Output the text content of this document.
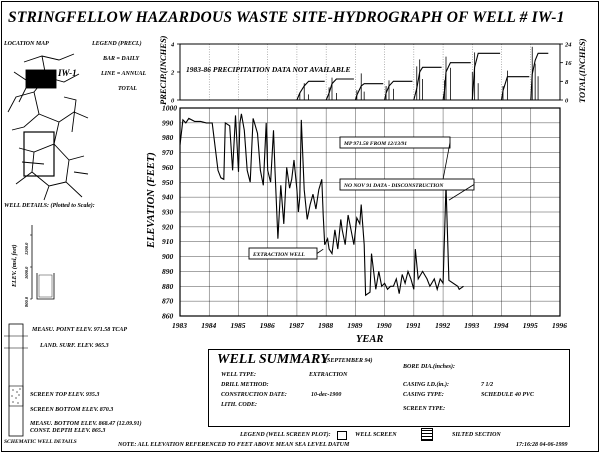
STRINGFELLOW HAZARDOUS WASTE SITE-HYDROGRAPH OF WELL # IW-1
LOCATION MAP	LEGEND (PRECI.)
BAR = DAILY
LINE = ANNUAL
TOTAL
IW-1
WELL DETAILS: (Plotted to Scale):
ELEV. (msl, feet) 1200.0
1000.0
800.0
MEASU. POINT ELEV. 971.58 TCAP
LAND. SURF. ELEV. 965.3
SCREEN TOP ELEV. 935.3
SCREEN BOTTOM ELEV. 870.3
MEASU. BOTTOM ELEV. 868.47 (12.09.91)
CONST. DEPTH ELEV. 865.3
SCHEMATIC WELL DETAILS
0
2
4
0
8
16
24
PRECIP.(INCHES)	TOTAL(INCHES)
1983-86 PRECIPITATION DATA NOT AVAILABLE
1983 1984 1985 1986 1987 1988 1989 1990 1991 1992 1993 1994 1995 1996
860
870
880
890
900
910
920
930
940
950
960
970
980
990
1000
ELEVATION (FEET)
YEAR
MP 971.58 FROM 12/13/91
NO NOV 91 DATA - DISCONSTRUCTION
EXTRACTION WELL
WELL SUMMARY
(SEPTEMBER 94)
WELL TYPE:	EXTRACTION
DRILL METHOD:
CONSTRUCTION DATE:	10-dec-1900
LITH. CODE:
BORE DIA.(inches):
CASING I.D.(in.):	7 1/2
CASING TYPE:	SCHEDULE 40 PVC
SCREEN TYPE:
LEGEND (WELL SCREEN PLOT):	WELL SCREEN	SILTED SECTION
NOTE: ALL ELEVATION REFERENCED TO FEET ABOVE MEAN SEA LEVEL DATUM	17:16:28 04-06-1999
